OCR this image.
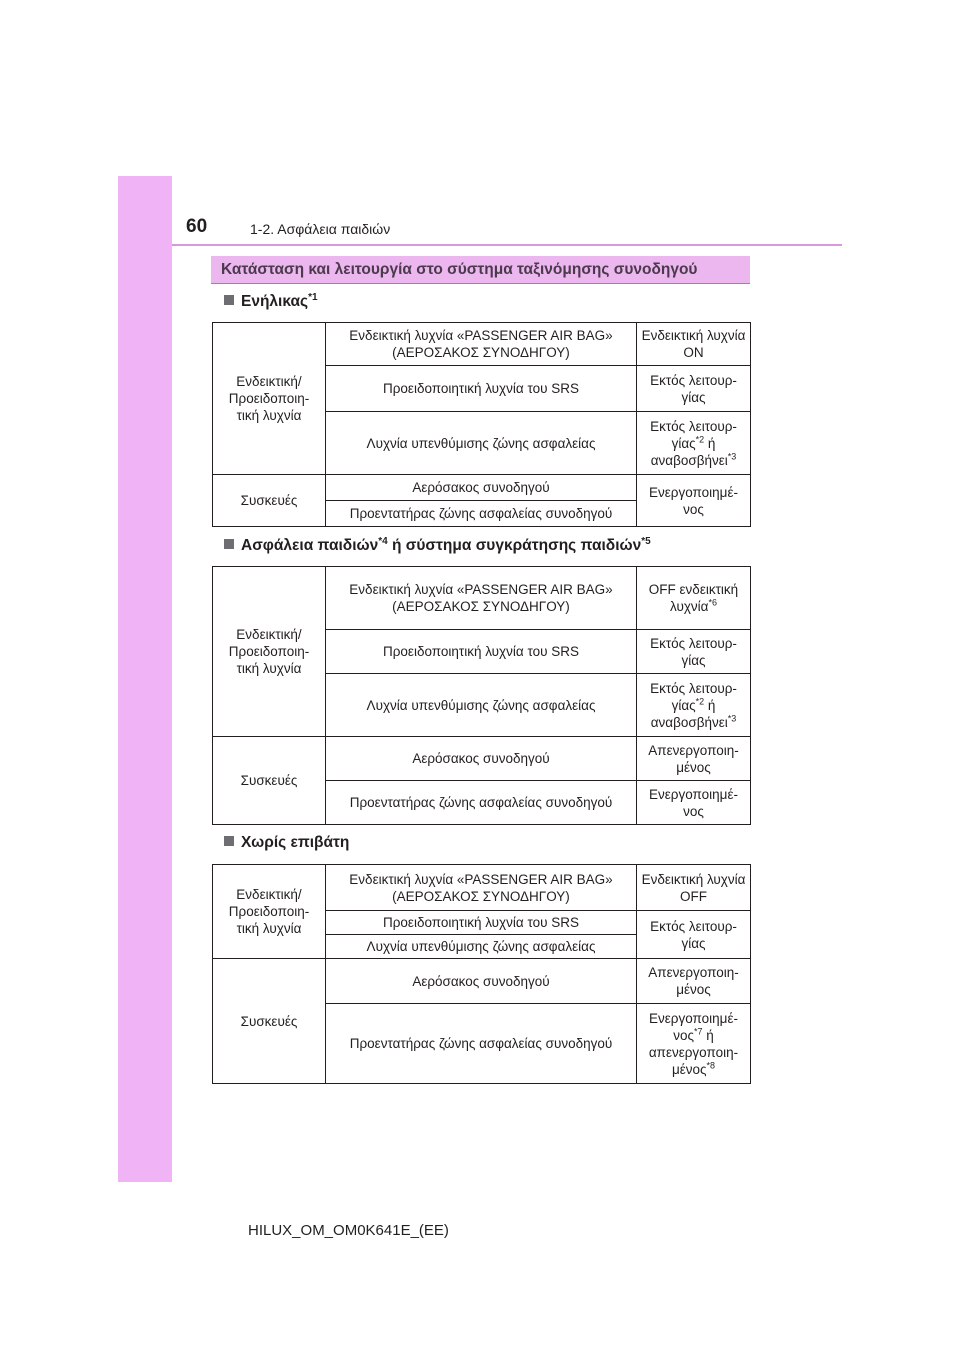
60	1-2. Ασφάλεια παιδιών
Κατάσταση και λειτουργία στο σύστημα ταξινόμησης συνοδηγού
Ενήλικας$^{*1}$
Ενδεικτική/ Προειδοποιη- τική λυχνία	Ενδεικτική λυχνία «PASSENGER AIR BAG» (ΑΕΡΟΣΑΚΟΣ ΣΥΝΟΔΗΓΟΥ)	Ενδεικτική λυχνία ON
	Προειδοποιητική λυχνία του SRS	Εκτός λειτουρ- γίας
	Λυχνία υπενθύμισης ζώνης ασφαλείας	Εκτός λειτουρ- γίας$^{*2}$ ή
αναβοσβήνει$^{*3}$
Συσκευές	Αερόσακος συνοδηγού	Ενεργοποιημέ- νος
	Προεντατήρας ζώνης ασφαλείας συνοδηγού	
Ασφάλεια παιδιών$^{*4}$ ή σύστημα συγκράτησης παιδιών$^{*5}$
Ενδεικτική/ Προειδοποιη- τική λυχνία	Ενδεικτική λυχνία «PASSENGER AIR BAG» (ΑΕΡΟΣΑΚΟΣ ΣΥΝΟΔΗΓΟΥ)	OFF ενδεικτική λυχνία$^{*6}$
	Προειδοποιητική λυχνία του SRS	Εκτός λειτουρ- γίας
	Λυχνία υπενθύμισης ζώνης ασφαλείας	Εκτός λειτουρ- γίας$^{*2}$ ή
αναβοσβήνει$^{*3}$
Συσκευές	Αερόσακος συνοδηγού	Απενεργοποιη- μένος
	Προεντατήρας ζώνης ασφαλείας συνοδηγού	Ενεργοποιημέ- νος
Χωρίς επιβάτη
Ενδεικτική/ Προειδοποιη- τική λυχνία	Ενδεικτική λυχνία «PASSENGER AIR BAG» (ΑΕΡΟΣΑΚΟΣ ΣΥΝΟΔΗΓΟΥ)	Ενδεικτική λυχνία OFF
	Προειδοποιητική λυχνία του SRS	Εκτός λειτουρ- γίας
	Λυχνία υπενθύμισης ζώνης ασφαλείας	
Συσκευές	Αερόσακος συνοδηγού	Απενεργοποιη- μένος
	Προεντατήρας ζώνης ασφαλείας συνοδηγού	Ενεργοποιημέ- νος$^{*7}$ ή
απενεργοποιη- μένος$^{*8}$
HILUX_OM_OM0K641E_(EE)
